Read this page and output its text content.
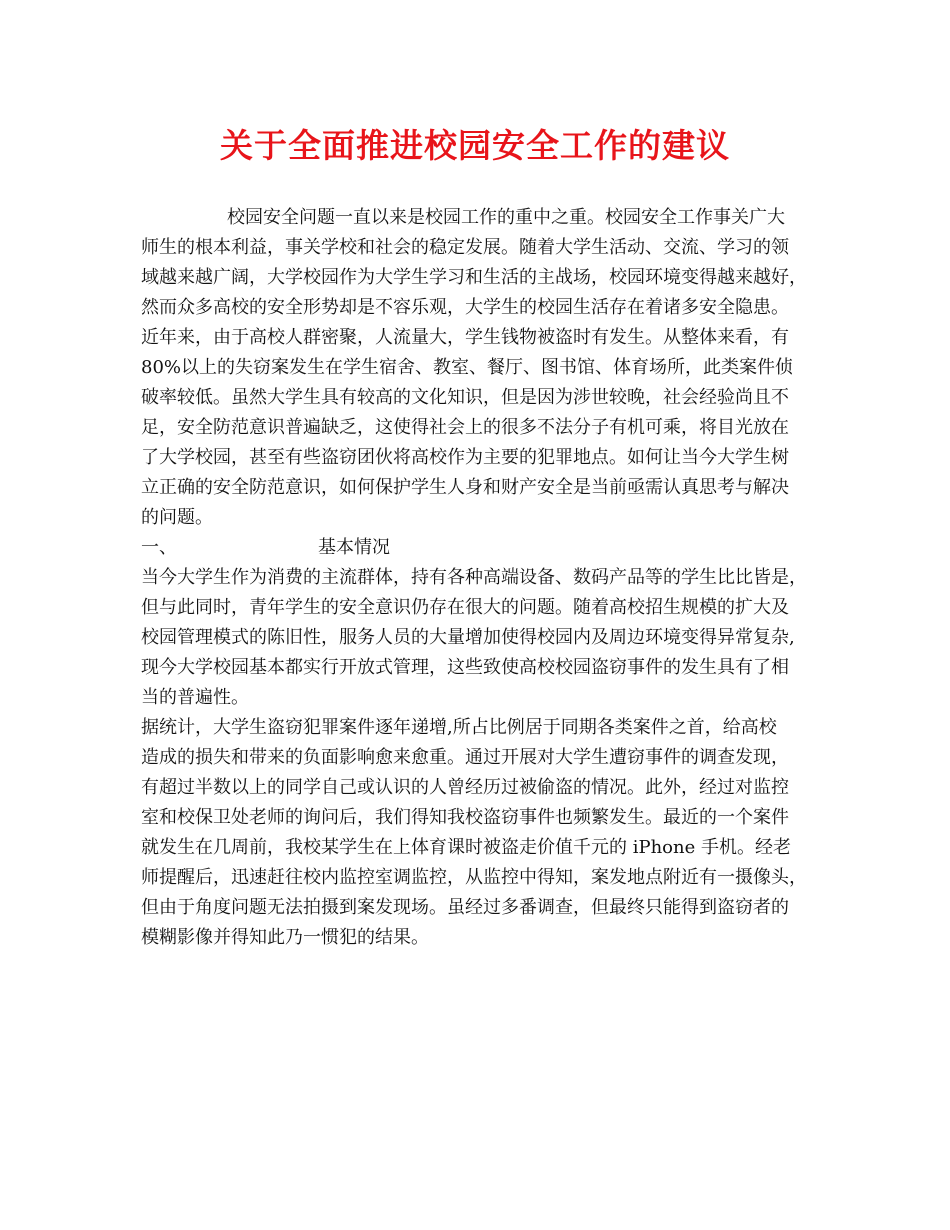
关于全面推进校园安全工作的建议
校园安全问题一直以来是校园工作的重中之重。校园安全工作事关广大
师生的根本利益，事关学校和社会的稳定发展。随着大学生活动、交流、学习的领
域越来越广阔，大学校园作为大学生学习和生活的主战场，校园环境变得越来越好，
然而众多高校的安全形势却是不容乐观，大学生的校园生活存在着诸多安全隐患。
近年来，由于高校人群密聚，人流量大，学生钱物被盗时有发生。从整体来看，有
80%以上的失窃案发生在学生宿舍、教室、餐厅、图书馆、体育场所，此类案件侦
破率较低。虽然大学生具有较高的文化知识，但是因为涉世较晚，社会经验尚且不
足，安全防范意识普遍缺乏，这使得社会上的很多不法分子有机可乘，将目光放在
了大学校园，甚至有些盗窃团伙将高校作为主要的犯罪地点。如何让当今大学生树
立正确的安全防范意识，如何保护学生人身和财产安全是当前亟需认真思考与解决
的问题。
一、	基本情况
当今大学生作为消费的主流群体，持有各种高端设备、数码产品等的学生比比皆是，
但与此同时，青年学生的安全意识仍存在很大的问题。随着高校招生规模的扩大及
校园管理模式的陈旧性，服务人员的大量增加使得校园内及周边环境变得异常复杂,
现今大学校园基本都实行开放式管理，这些致使高校校园盗窃事件的发生具有了相
当的普遍性。
据统计，大学生盗窃犯罪案件逐年递增,所占比例居于同期各类案件之首，给高校
造成的损失和带来的负面影响愈来愈重。通过开展对大学生遭窃事件的调查发现，
有超过半数以上的同学自己或认识的人曾经历过被偷盗的情况。此外，经过对监控
室和校保卫处老师的询问后，我们得知我校盗窃事件也频繁发生。最近的一个案件
就发生在几周前，我校某学生在上体育课时被盗走价值千元的 iPhone 手机。经老
师提醒后，迅速赶往校内监控室调监控，从监控中得知，案发地点附近有一摄像头，
但由于角度问题无法拍摄到案发现场。虽经过多番调查，但最终只能得到盗窃者的
模糊影像并得知此乃一惯犯的结果。
